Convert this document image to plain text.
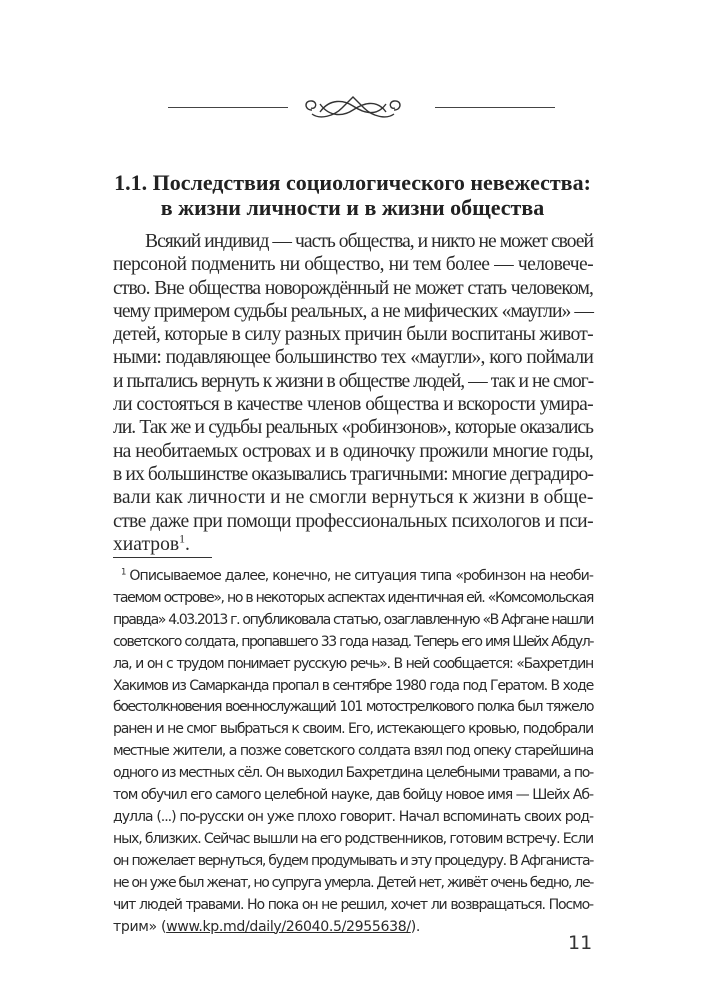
1.1. Последствия социологического невежества:
в жизни личности и в жизни общества
Всякий индивид — часть общества, и никто не может своей
персоной подменить ни общество, ни тем более — человече-
ство. Вне общества новорождённый не может стать человеком,
чему примером судьбы реальных, а не мифических «маугли» —
детей, которые в силу разных причин были воспитаны живот-
ными: подавляющее большинство тех «маугли», кого поймали
и пытались вернуть к жизни в обществе людей, — так и не смог-
ли состояться в качестве членов общества и вскорости умира-
ли. Так же и судьбы реальных «робинзонов», которые оказались
на необитаемых островах и в одиночку прожили многие годы,
в их большинстве оказывались трагичными: многие деградиро-
вали как личности и не смогли вернуться к жизни в обще-
стве даже при помощи профессиональных психологов и пси-
хиатров$^1$.
$^1$ Описываемое далее, конечно, не ситуация типа «робинзон на необи-
таемом острове», но в некоторых аспектах идентичная ей. «Комсомольская
правда» 4.03.2013 г. опубликовала статью, озаглавленную «В Афгане нашли
советского солдата, пропавшего 33 года назад. Теперь его имя Шейх Абдул-
ла, и он с трудом понимает русскую речь». В ней сообщается: «Бахретдин
Хакимов из Самарканда пропал в сентябре 1980 года под Гератом. В ходе
боестолкновения военнослужащий 101 мотострелкового полка был тяжело
ранен и не смог выбраться к своим. Его, истекающего кровью, подобрали
местные жители, а позже советского солдата взял под опеку старейшина
одного из местных сёл. Он выходил Бахретдина целебными травами, а по-
том обучил его самого целебной науке, дав бойцу новое имя — Шейх Аб-
дулла (...) по-русски он уже плохо говорит. Начал вспоминать своих род-
ных, близких. Сейчас вышли на его родственников, готовим встречу. Если
он пожелает вернуться, будем продумывать и эту процедуру. В Афганиста-
не он уже был женат, но супруга умерла. Детей нет, живёт очень бедно, ле-
чит людей травами. Но пока он не решил, хочет ли возвращаться. Посмо-
трим» (www.kp.md/daily/26040.5/2955638/).
11
